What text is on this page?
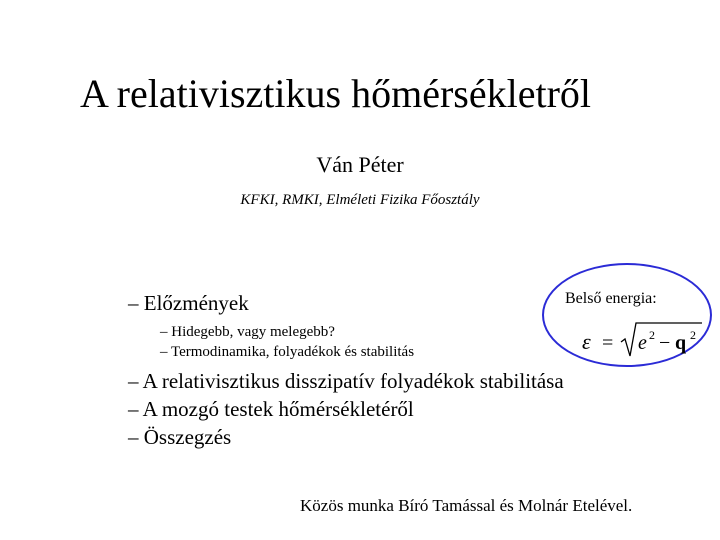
A relativisztikus hőmérsékletről
Ván Péter
KFKI, RMKI, Elméleti Fizika Főosztály
– Előzmények
– Hidegebb, vagy melegebb?
– Termodinamika, folyadékok és stabilitás
– A relativisztikus disszipatív folyadékok stabilitása
– A mozgó testek hőmérsékletéről
– Összegzés
Belső energia:
ε = e 2 − q 2
Közös munka Bíró Tamással és Molnár Etelével.
